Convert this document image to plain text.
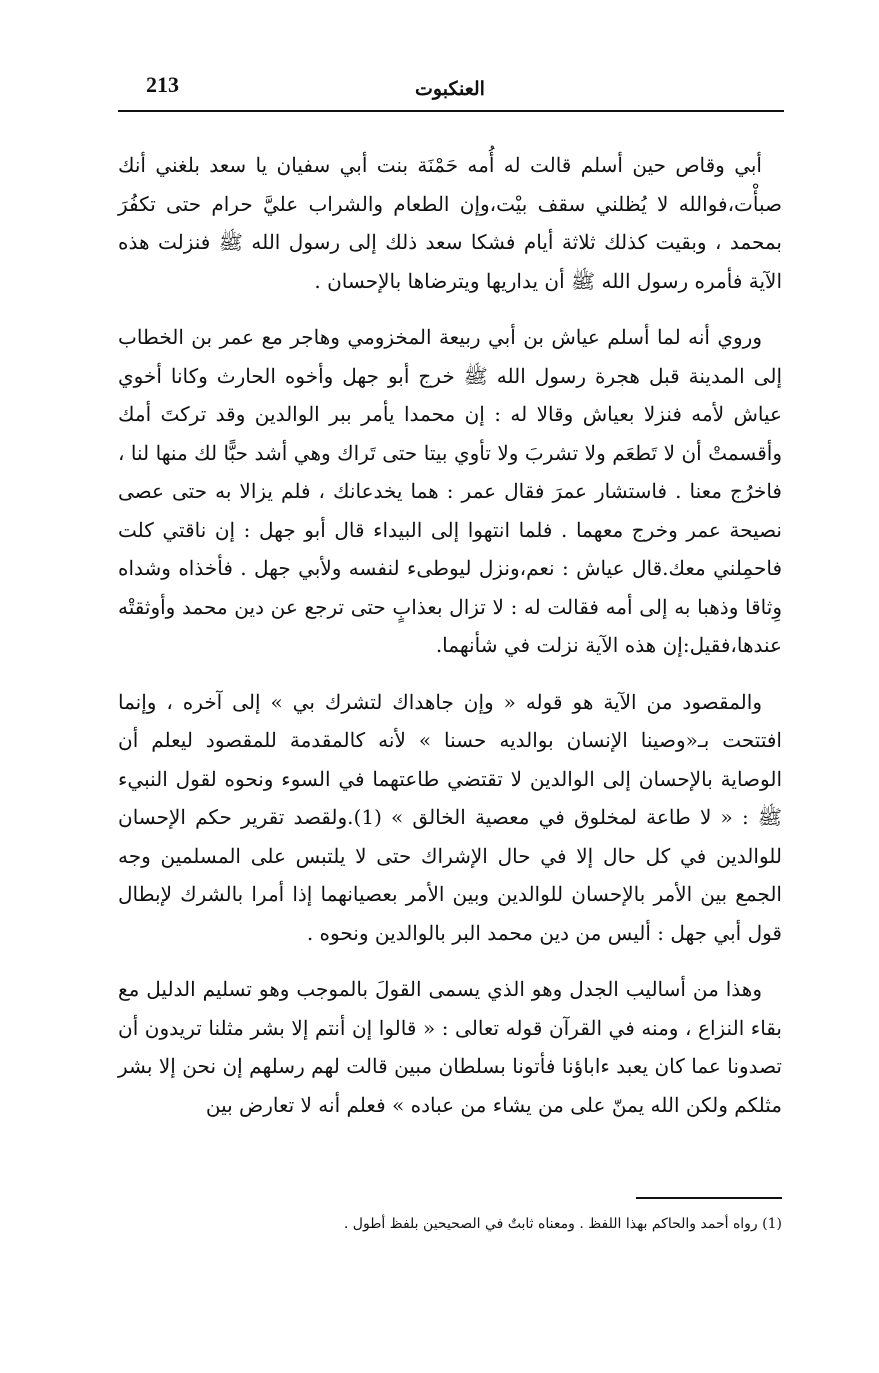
213	العنكبوت

أبي وقاص حين أسلم قالت له أُمه حَمْنَة بنت أبي سفيان يا سعد بلغني أنك صبأْت،فوالله لا يُظلني سقف بيْت،وإن الطعام والشراب عليَّ حرام حتى تكفُرَ بمحمد ، وبقيت كذلك ثلاثة أيام فشكا سعد ذلك إلى رسول الله ﷺ فنزلت هذه الآية فأمره رسول الله ﷺ أن يداريها ويترضاها بالإحسان .

وروي أنه لما أسلم عياش بن أبي ربيعة المخزومي وهاجر مع عمر بن الخطاب إلى المدينة قبل هجرة رسول الله ﷺ خرج أبو جهل وأخوه الحارث وكانا أخوي عياش لأمه فنزلا بعياش وقالا له : إن محمدا يأمر ببر الوالدين وقد تركتَ أمك وأقسمتْ أن لا تَطعَم ولا تشربَ ولا تأوي بيتا حتى تَراك وهي أشد حبًّا لك منها لنا ، فاخرُج معنا . فاستشار عمرَ فقال عمر : هما يخدعانك ، فلم يزالا به حتى عصى نصيحة عمر وخرج معهما . فلما انتهوا إلى البيداء قال أبو جهل : إن ناقتي كلت فاحمِلني معك.قال عياش : نعم،ونزل ليوطىء لنفسه ولأبي جهل . فأخذاه وشداه وِثاقا وذهبا به إلى أمه فقالت له : لا تزال بعذابٍ حتى ترجع عن دين محمد وأوثقتْه عندها،فقيل:إن هذه الآية نزلت في شأنهما.

والمقصود من الآية هو قوله « وإن جاهداك لتشرك بي » إلى آخره ، وإنما افتتحت بـ«وصينا الإنسان بوالديه حسنا » لأنه كالمقدمة للمقصود ليعلم أن الوصاية بالإحسان إلى الوالدين لا تقتضي طاعتهما في السوء ونحوه لقول النبيء ﷺ : « لا طاعة لمخلوق في معصية الخالق » (1).ولقصد تقرير حكم الإحسان للوالدين في كل حال إلا في حال الإشراك حتى لا يلتبس على المسلمين وجه الجمع بين الأمر بالإحسان للوالدين وبين الأمر بعصيانهما إذا أمرا بالشرك لإبطال قول أبي جهل : أليس من دين محمد البر بالوالدين ونحوه .

وهذا من أساليب الجدل وهو الذي يسمى القولَ بالموجب وهو تسليم الدليل مع بقاء النزاع ، ومنه في القرآن قوله تعالى : « قالوا إن أنتم إلا بشر مثلنا تريدون أن تصدونا عما كان يعبد ءاباؤنا فأتونا بسلطان مبين قالت لهم رسلهم إن نحن إلا بشر مثلكم ولكن الله يمنّ على من يشاء من عباده » فعلم أنه لا تعارض بين

(1) رواه أحمد والحاكم بهذا اللفظ . ومعناه ثابتٌ في الصحيحين بلفظ أطول .
